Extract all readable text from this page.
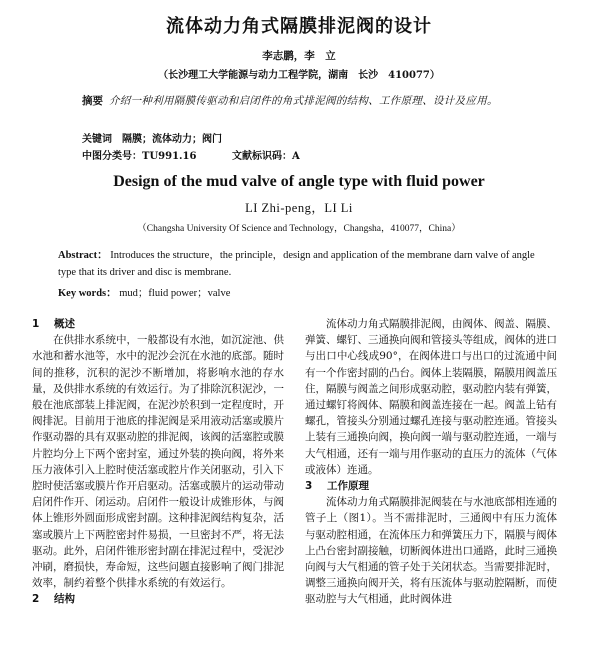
流体动力角式隔膜排泥阀的设计
李志鹏，李　立
（长沙理工大学能源与动力工程学院，湖南　长沙　410077）
摘要 介绍一种利用隔膜传驱动和启闭件的角式排泥阀的结构、工作原理、设计及应用。
关键词　隔膜；流体动力；阀门
中图分类号：TU991.16	文献标识码：A
Design of the mud valve of angle type with fluid power
LI Zhi-peng，LI Li
（Changsha University Of Science and Technology，Changsha，410077，China）
Abstract： Introduces the structure，the principle，design and application of the membrane darn valve of angle type that its driver and disc is membrane.
Key words： mud；fluid power；valve
1 概述

在供排水系统中，一般都设有水池，如沉淀池、供水池和蓄水池等，水中的泥沙会沉在水池的底部。随时间的推移，沉积的泥沙不断增加，将影响水池的存水量，及供排水系统的有效运行。为了排除沉积泥沙，一般在池底部装上排泥阀，在泥沙於积到一定程度时，开阀排泥。目前用于池底的排泥阀是采用液动活塞或膜片作驱动器的具有双驱动腔的排泥阀，该阀的活塞腔或膜片腔均分上下两个密封室，通过外装的换向阀，将外来压力液体引入上腔时使活塞或腔片作关闭驱动，引入下腔时使活塞或膜片作开启驱动。活塞或膜片的运动带动启闭件作开、闭运动。启闭件一般设计成锥形体，与阀体上锥形外圆面形成密封副。这种排泥阀结构复杂，活塞或膜片上下两腔密封件易损，一旦密封不严，将无法驱动。此外，启闭件锥形密封副在排泥过程中，受泥沙冲刷，磨损快，寿命短，这些问题直接影响了阀门排泥效率，制约着整个供排水系统的有效运行。

2 结构

流体动力角式隔膜排泥阀，由阀体、阀盖、隔膜、弹簧、螺钉、三通换向阀和管接头等组成，阀体的进口与出口中心线成90°，在阀体进口与出口的过流通中间有一个作密封副的凸台。阀体上装隔膜，隔膜用阀盖压住，隔膜与阀盖之间形成驱动腔，驱动腔内装有弹簧，通过螺钉将阀体、隔膜和阀盖连接在一起。阀盖上钻有螺孔，管接头分别通过螺孔连接与驱动腔连通。管接头上装有三通换向阀，换向阀一端与驱动腔连通，一端与大气相通，还有一端与用作驱动的直压力的流体（气体或液体）连通。

3 工作原理

流体动力角式隔膜排泥阀装在与水池底部相连通的管子上（图1）。当不需排泥时，三通阀中有压力流体与驱动腔相通，在流体压力和弹簧压力下，隔膜与阀体上凸台密封副接触，切断阀体进出口通路，此时三通换向阀与大气相通的管子处于关闭状态。当需要排泥时，调整三通换向阀开关，将有压流体与驱动腔隔断，而使驱动腔与大气相通，此时阀体进
